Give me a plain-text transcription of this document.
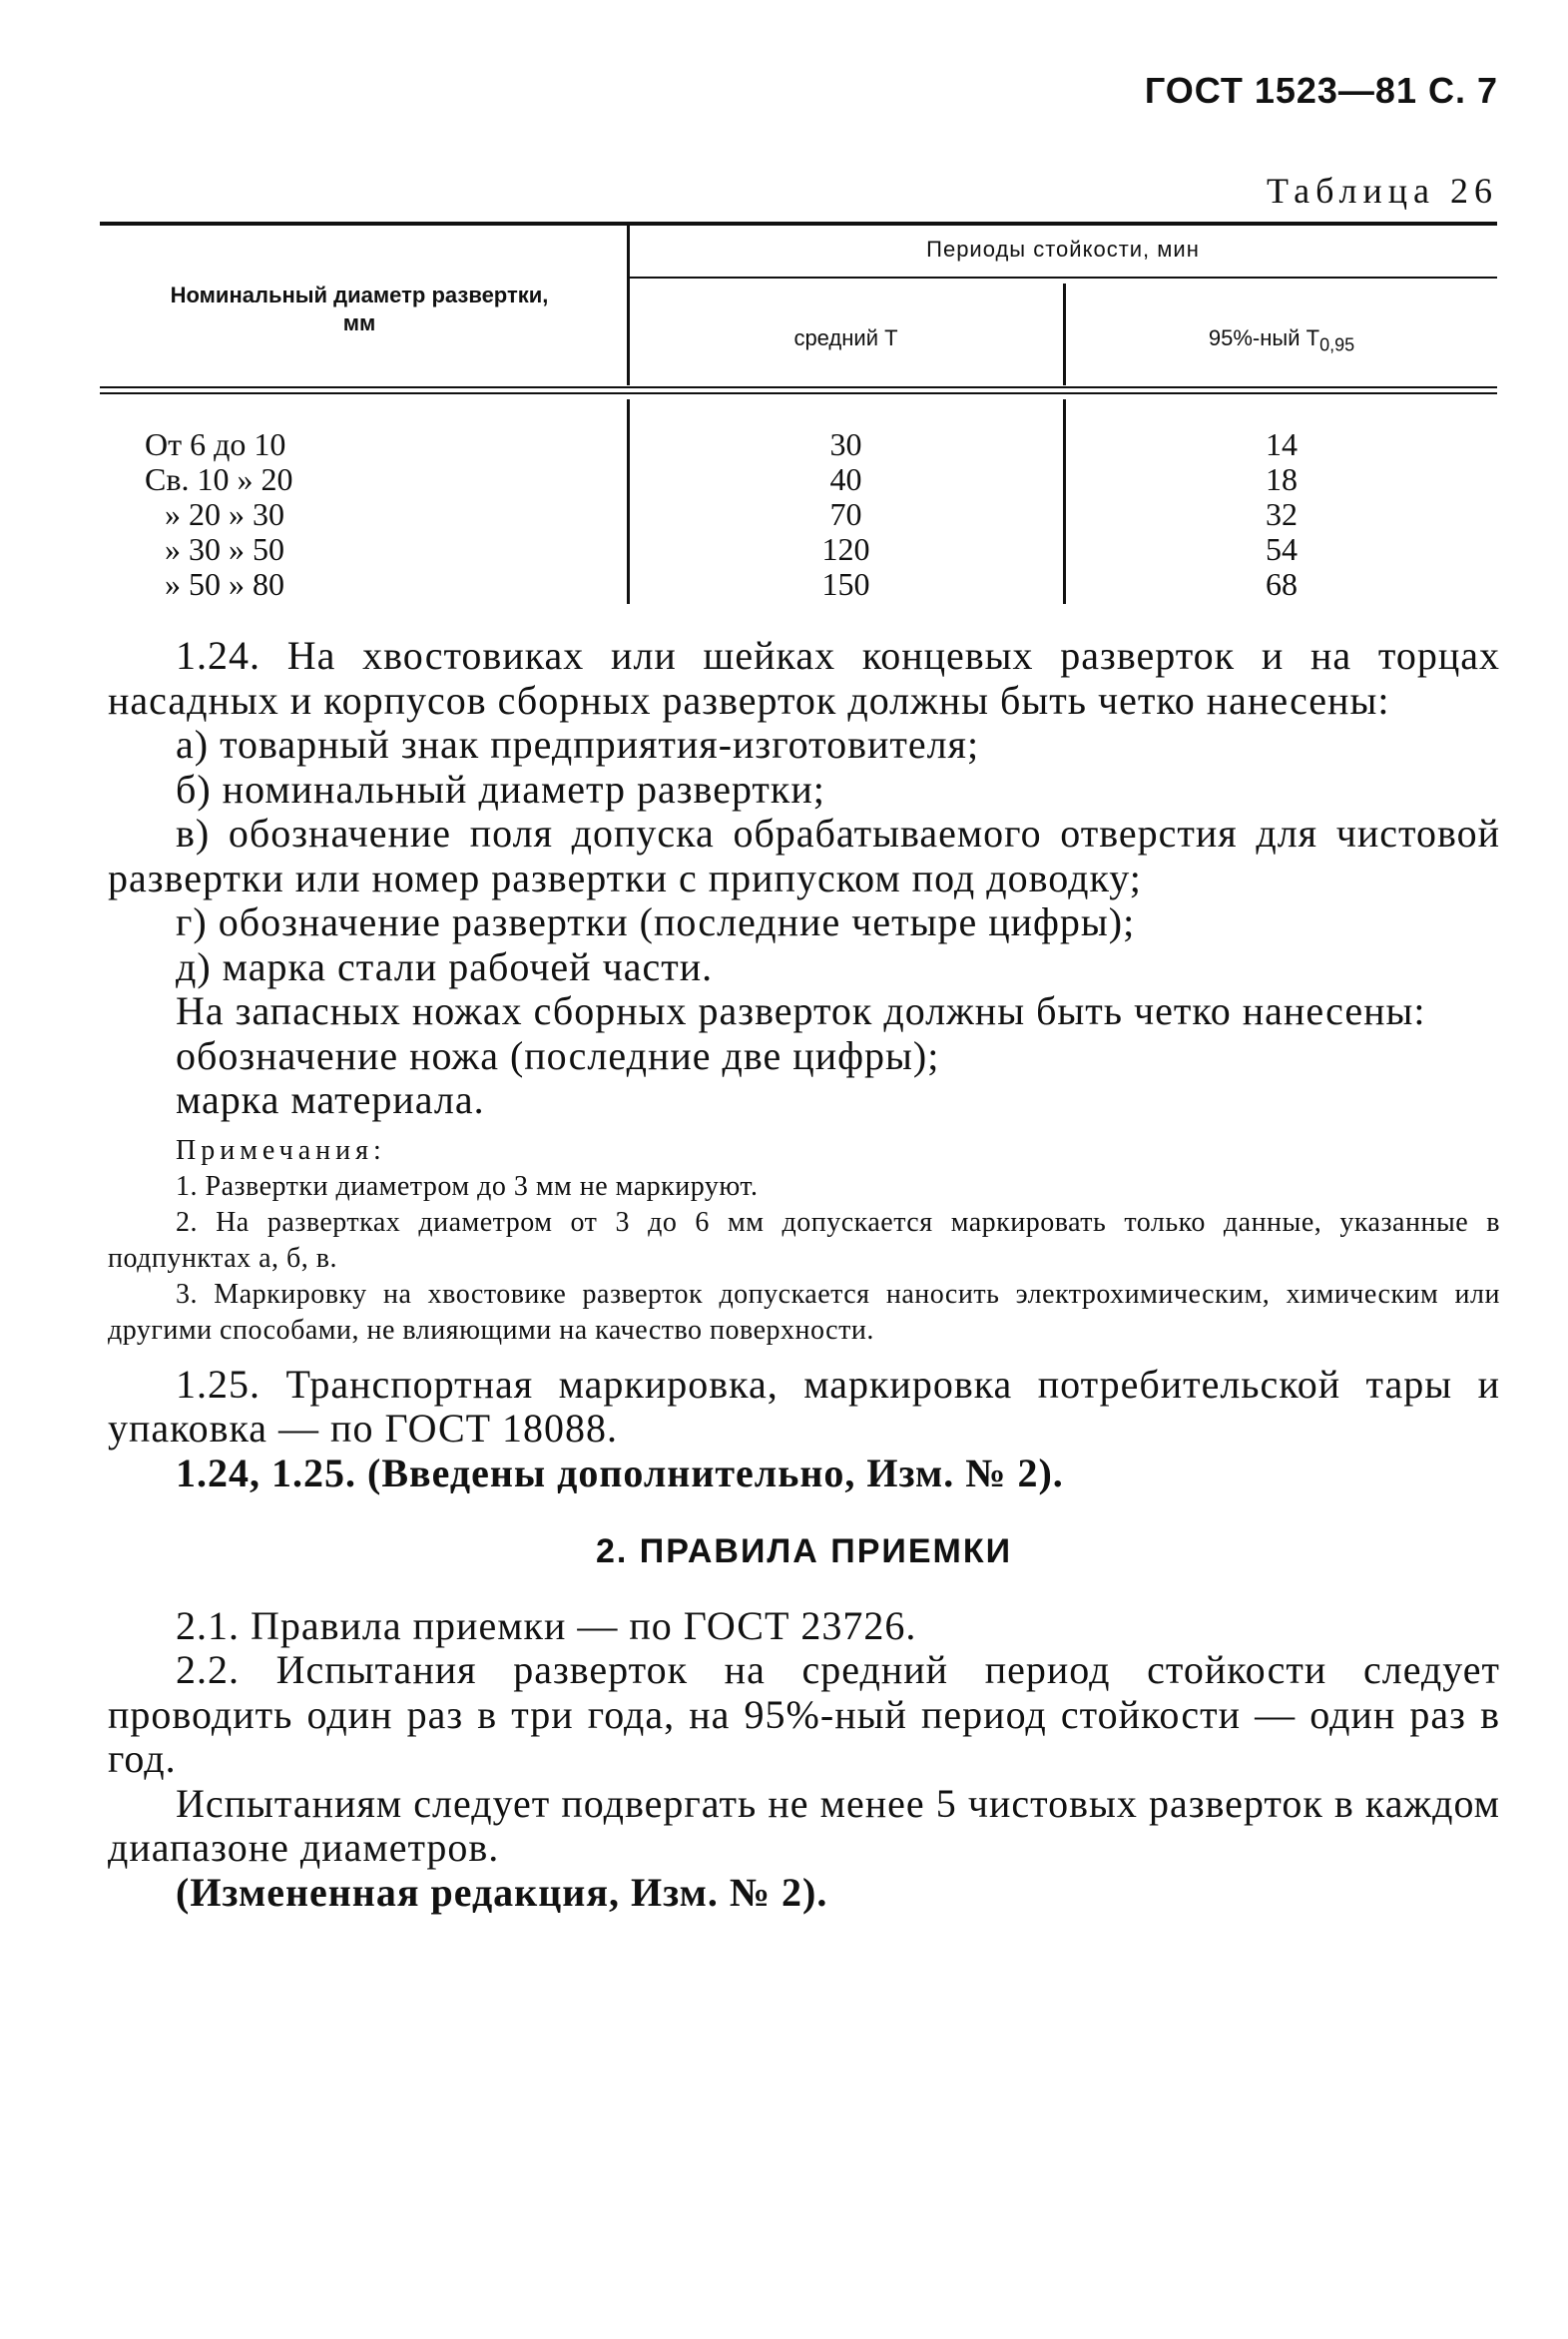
ГОСТ 1523—81 С. 7
Таблица 26
Номинальный диаметр развертки, мм
Периоды стойкости, мин
средний T	95%-ный $T_{0,95}$
От 6 до 10	30	14
Св. 10 » 20	40	18
» 20 » 30	70	32
» 30 » 50	120	54
» 50 » 80	150	68

1.24. На хвостовиках или шейках концевых разверток и на торцах насадных и корпусов сборных разверток должны быть четко нанесены:

а) товарный знак предприятия-изготовителя;

б) номинальный диаметр развертки;

в) обозначение поля допуска обрабатываемого отверстия для чистовой развертки или номер развертки с припуском под доводку;

г) обозначение развертки (последние четыре цифры);

д) марка стали рабочей части.

На запасных ножах сборных разверток должны быть четко нанесены:

обозначение ножа (последние две цифры);

марка материала.

Примечания:
1. Развертки диаметром до 3 мм не маркируют.
2. На развертках диаметром от 3 до 6 мм допускается маркировать только данные, указанные в подпунктах а, б, в.
3. Маркировку на хвостовике разверток допускается наносить электрохимическим, химическим или другими способами, не влияющими на качество поверхности.

1.25. Транспортная маркировка, маркировка потребительской тары и упаковка — по ГОСТ 18088.

1.24, 1.25. (Введены дополнительно, Изм. № 2).

2. ПРАВИЛА ПРИЕМКИ

2.1. Правила приемки — по ГОСТ 23726.

2.2. Испытания разверток на средний период стойкости следует проводить один раз в три года, на 95%-ный период стойкости — один раз в год.

Испытаниям следует подвергать не менее 5 чистовых разверток в каждом диапазоне диаметров.

(Измененная редакция, Изм. № 2).
